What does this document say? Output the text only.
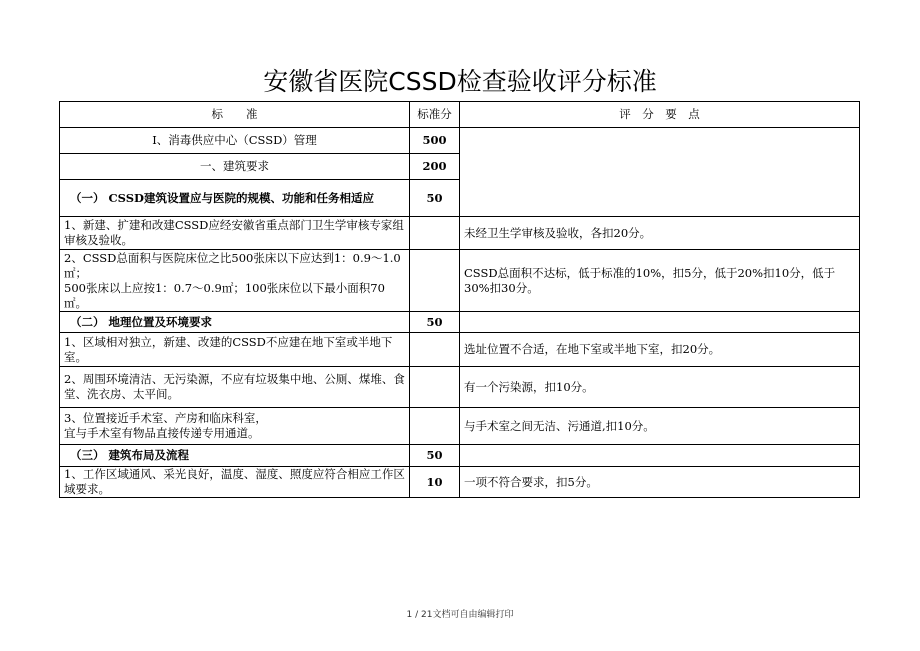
安徽省医院CSSD检查验收评分标准
标　　准	标准分	评　分　要　点
Ⅰ、消毒供应中心（CSSD）管理	500	
一、建筑要求	200	
（一） CSSD建筑设置应与医院的规模、功能和任务相适应	50	
1、新建、扩建和改建CSSD应经安徽省重点部门卫生学审核专家组审核及验收。		未经卫生学审核及验收，各扣20分。
2、CSSD总面积与医院床位之比500张床以下应达到1：0.9～1.0㎡；
500张床以上应按1：0.7～0.9㎡；100张床位以下最小面积70㎡。		CSSD总面积不达标，低于标准的10%，扣5分，低于20%扣10分，低于30%扣30分。
（二） 地理位置及环境要求	50	
1、区域相对独立，新建、改建的CSSD不应建在地下室或半地下室。		选址位置不合适，在地下室或半地下室，扣20分。
2、周围环境清洁、无污染源，不应有垃圾集中地、公厕、煤堆、食堂、洗衣房、太平间。		有一个污染源，扣10分。
3、位置接近手术室、产房和临床科室，
宜与手术室有物品直接传递专用通道。		与手术室之间无洁、污通道,扣10分。
（三） 建筑布局及流程	50	
1、工作区域通风、采光良好，温度、湿度、照度应符合相应工作区域要求。	10	一项不符合要求，扣5分。
1 / 21文档可自由编辑打印
